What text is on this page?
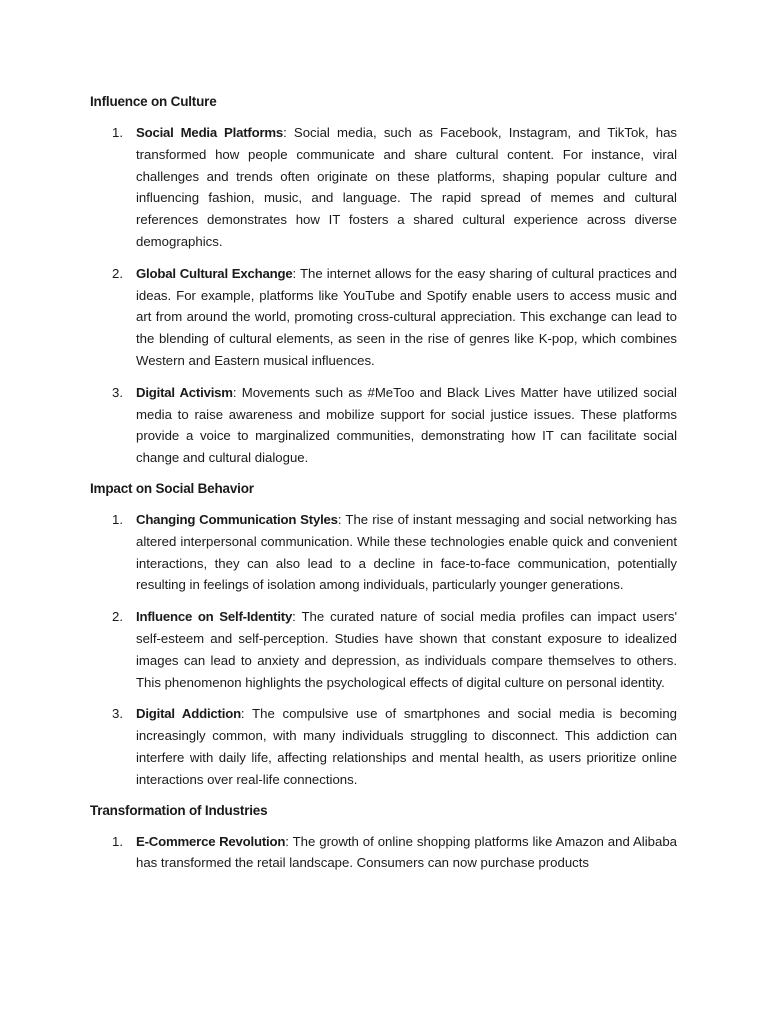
Influence on Culture
1. Social Media Platforms: Social media, such as Facebook, Instagram, and TikTok, has transformed how people communicate and share cultural content. For instance, viral challenges and trends often originate on these platforms, shaping popular culture and influencing fashion, music, and language. The rapid spread of memes and cultural references demonstrates how IT fosters a shared cultural experience across diverse demographics.
2. Global Cultural Exchange: The internet allows for the easy sharing of cultural practices and ideas. For example, platforms like YouTube and Spotify enable users to access music and art from around the world, promoting cross-cultural appreciation. This exchange can lead to the blending of cultural elements, as seen in the rise of genres like K-pop, which combines Western and Eastern musical influences.
3. Digital Activism: Movements such as #MeToo and Black Lives Matter have utilized social media to raise awareness and mobilize support for social justice issues. These platforms provide a voice to marginalized communities, demonstrating how IT can facilitate social change and cultural dialogue.
Impact on Social Behavior
1. Changing Communication Styles: The rise of instant messaging and social networking has altered interpersonal communication. While these technologies enable quick and convenient interactions, they can also lead to a decline in face-to-face communication, potentially resulting in feelings of isolation among individuals, particularly younger generations.
2. Influence on Self-Identity: The curated nature of social media profiles can impact users' self-esteem and self-perception. Studies have shown that constant exposure to idealized images can lead to anxiety and depression, as individuals compare themselves to others. This phenomenon highlights the psychological effects of digital culture on personal identity.
3. Digital Addiction: The compulsive use of smartphones and social media is becoming increasingly common, with many individuals struggling to disconnect. This addiction can interfere with daily life, affecting relationships and mental health, as users prioritize online interactions over real-life connections.
Transformation of Industries
1. E-Commerce Revolution: The growth of online shopping platforms like Amazon and Alibaba has transformed the retail landscape. Consumers can now purchase products
